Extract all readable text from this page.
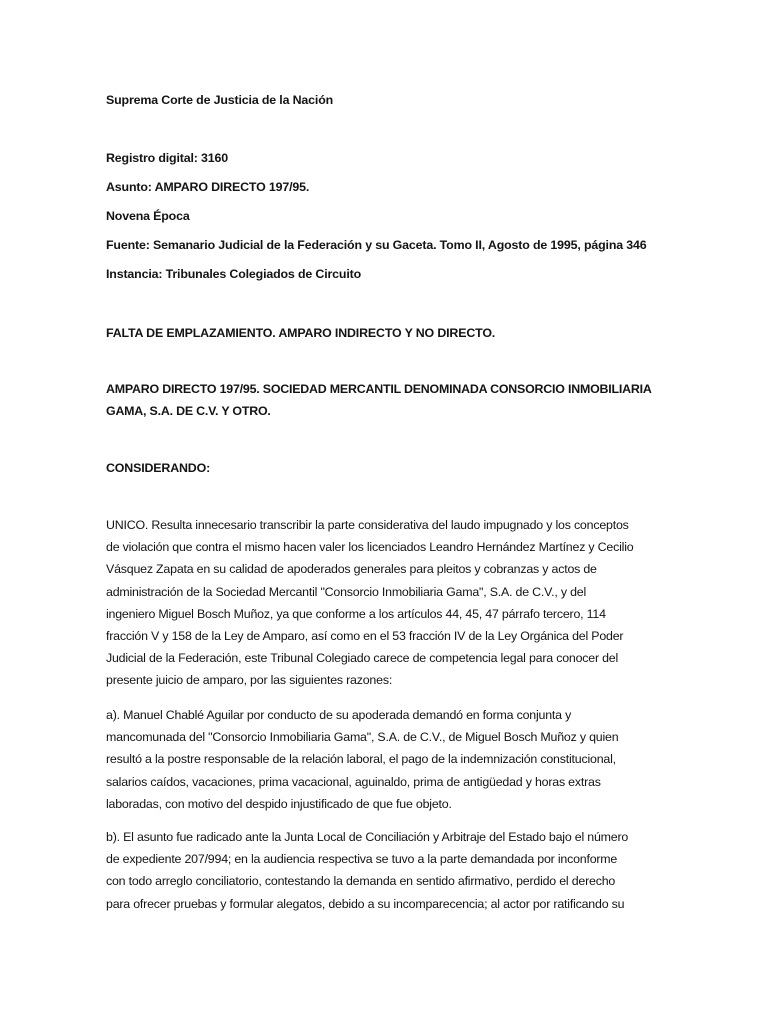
Suprema Corte de Justicia de la Nación
Registro digital: 3160
Asunto: AMPARO DIRECTO 197/95.
Novena Época
Fuente: Semanario Judicial de la Federación y su Gaceta. Tomo II, Agosto de 1995, página 346
Instancia: Tribunales Colegiados de Circuito
FALTA DE EMPLAZAMIENTO. AMPARO INDIRECTO Y NO DIRECTO.
AMPARO DIRECTO 197/95. SOCIEDAD MERCANTIL DENOMINADA CONSORCIO INMOBILIARIA
GAMA, S.A. DE C.V. Y OTRO.
CONSIDERANDO:
UNICO. Resulta innecesario transcribir la parte considerativa del laudo impugnado y los conceptos
de violación que contra el mismo hacen valer los licenciados Leandro Hernández Martínez y Cecilio
Vásquez Zapata en su calidad de apoderados generales para pleitos y cobranzas y actos de
administración de la Sociedad Mercantil "Consorcio Inmobiliaria Gama", S.A. de C.V., y del
ingeniero Miguel Bosch Muñoz, ya que conforme a los artículos 44, 45, 47 párrafo tercero, 114
fracción V y 158 de la Ley de Amparo, así como en el 53 fracción IV de la Ley Orgánica del Poder
Judicial de la Federación, este Tribunal Colegiado carece de competencia legal para conocer del
presente juicio de amparo, por las siguientes razones:
a). Manuel Chablé Aguilar por conducto de su apoderada demandó en forma conjunta y
mancomunada del "Consorcio Inmobiliaria Gama", S.A. de C.V., de Miguel Bosch Muñoz y quien
resultó a la postre responsable de la relación laboral, el pago de la indemnización constitucional,
salarios caídos, vacaciones, prima vacacional, aguinaldo, prima de antigüedad y horas extras
laboradas, con motivo del despido injustificado de que fue objeto.
b). El asunto fue radicado ante la Junta Local de Conciliación y Arbitraje del Estado bajo el número
de expediente 207/994; en la audiencia respectiva se tuvo a la parte demandada por inconforme
con todo arreglo conciliatorio, contestando la demanda en sentido afirmativo, perdido el derecho
para ofrecer pruebas y formular alegatos, debido a su incomparecencia; al actor por ratificando su
